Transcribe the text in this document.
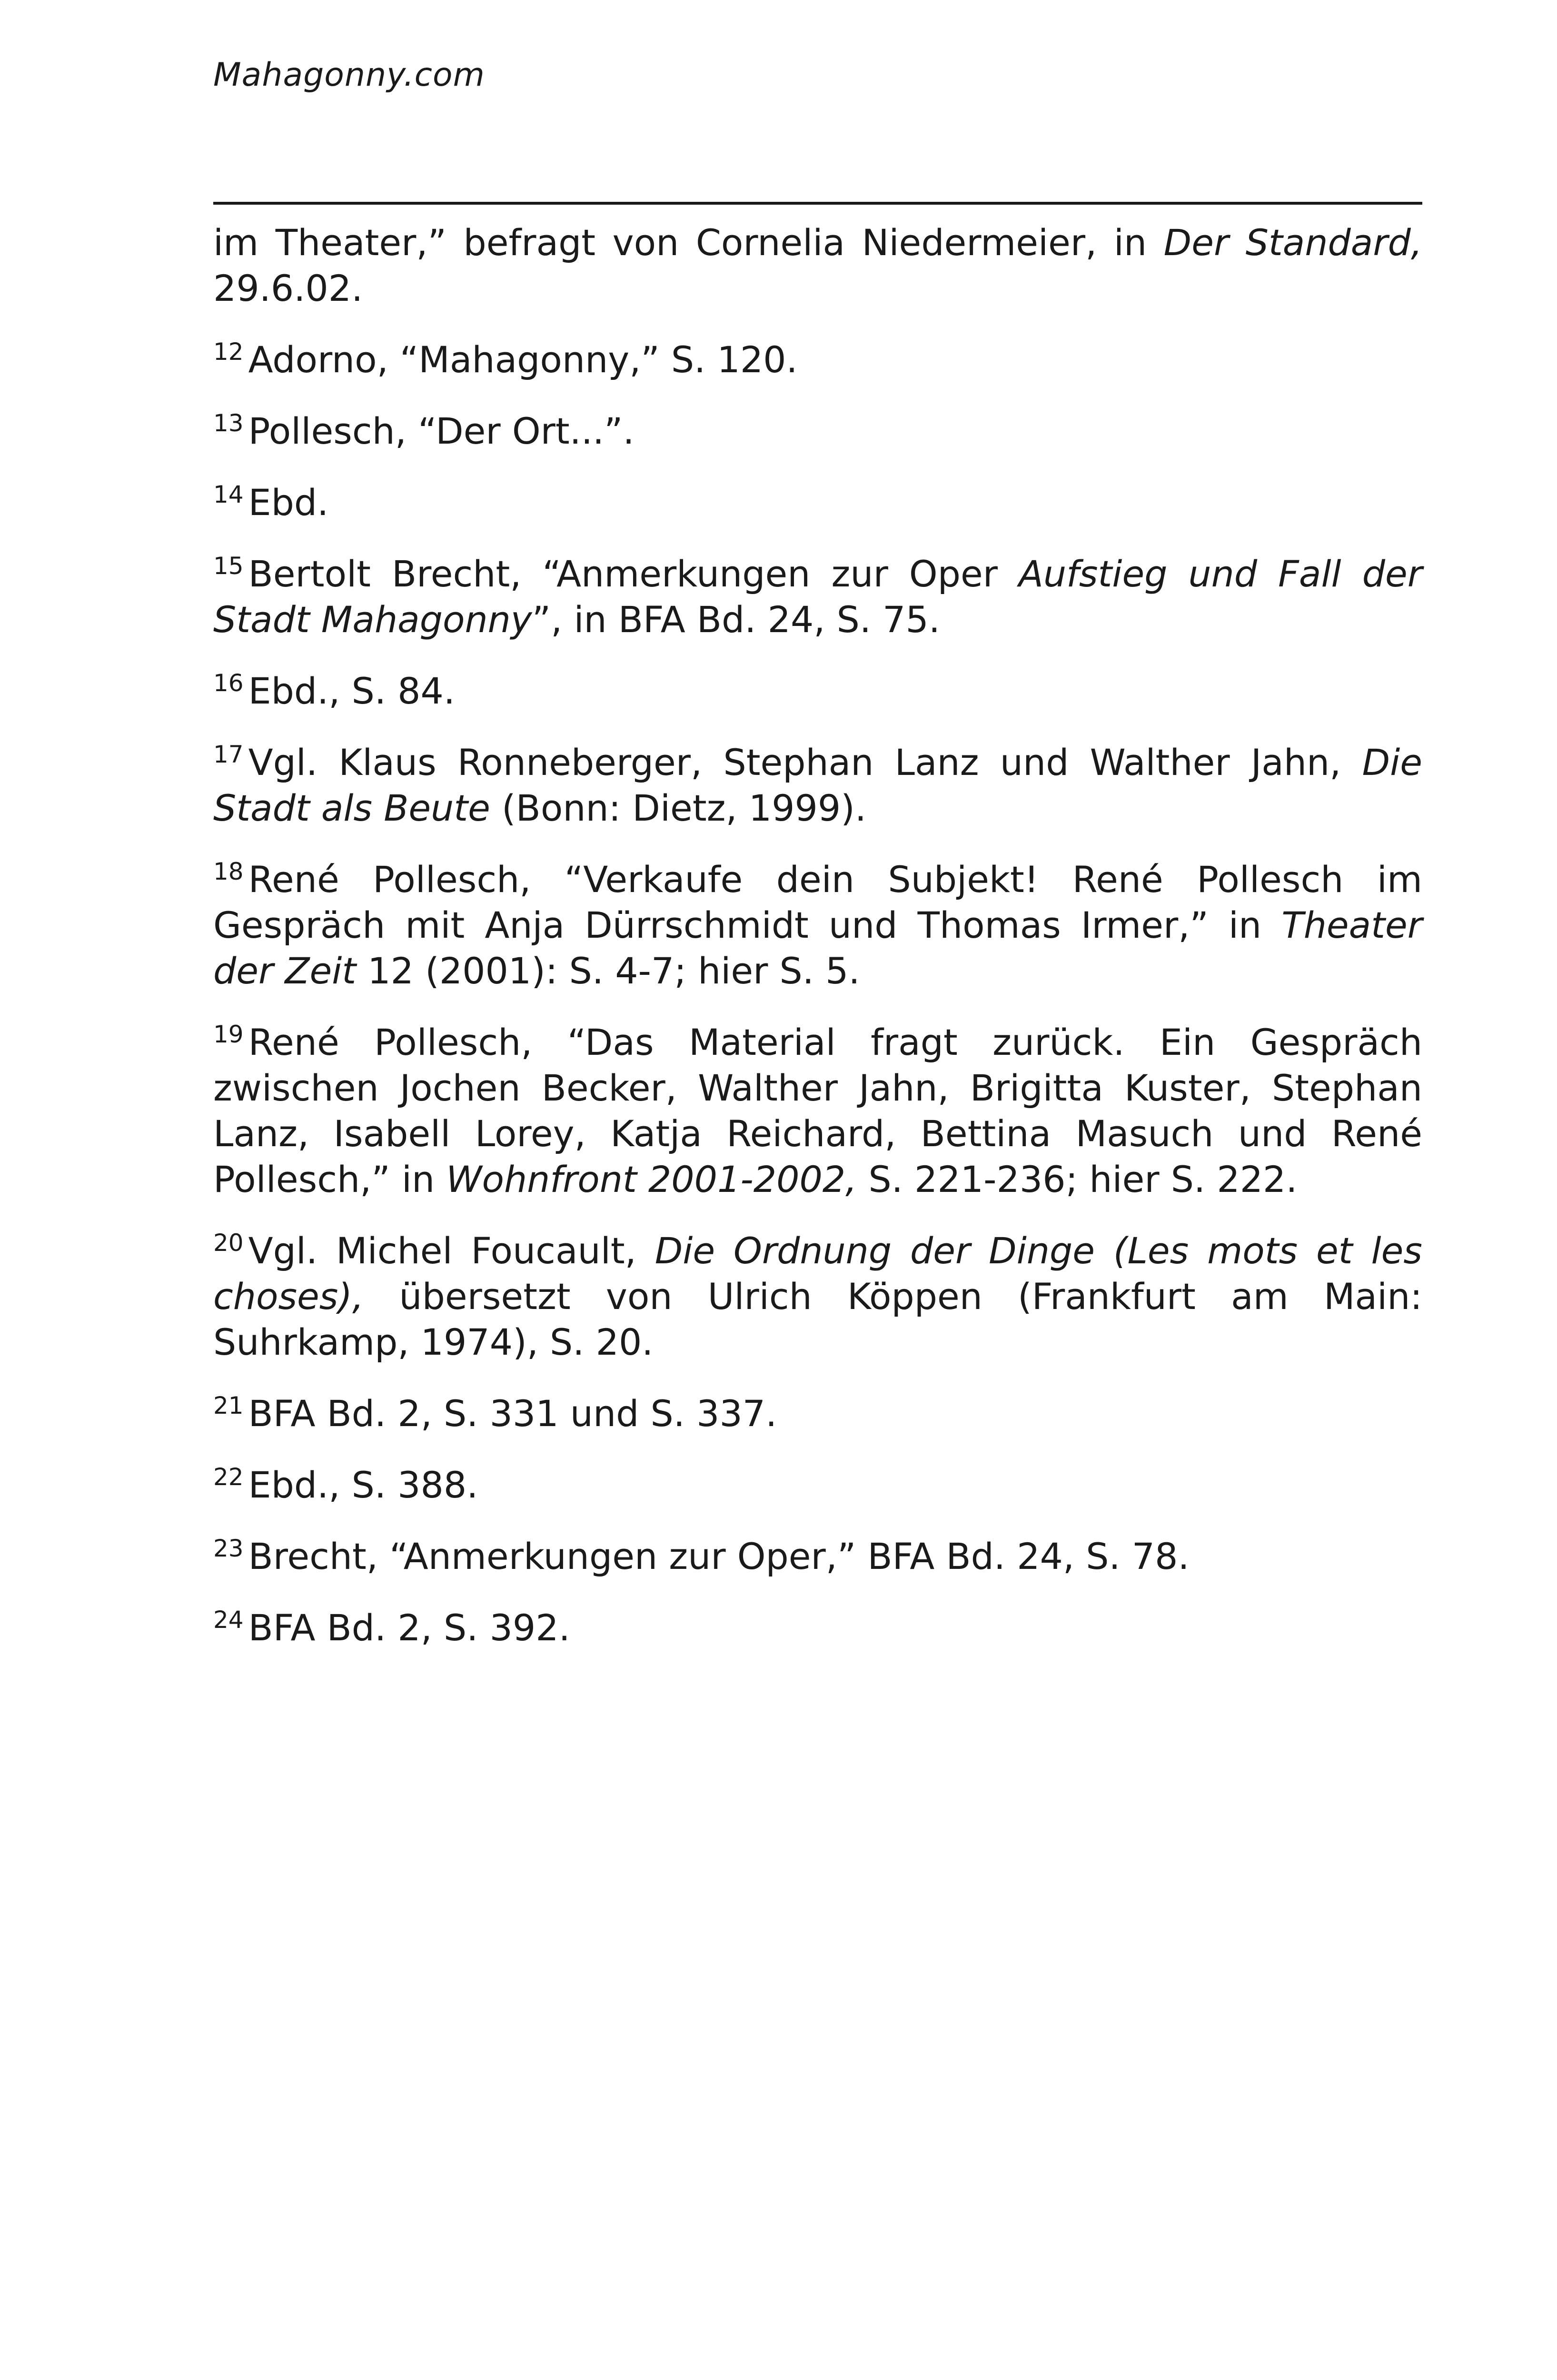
Mahagonny.com

im Theater,” befragt von Cornelia Niedermeier, in Der Standard, 29.6.02.

$^{12}$ Adorno, “Mahagonny,” S. 120.

$^{13}$ Pollesch, “Der Ort...”.

$^{14}$ Ebd.

$^{15}$ Bertolt Brecht, “Anmerkungen zur Oper Aufstieg und Fall der Stadt Mahagonny”, in BFA Bd. 24, S. 75.

$^{16}$ Ebd., S. 84.

$^{17}$ Vgl. Klaus Ronneberger, Stephan Lanz und Walther Jahn, Die Stadt als Beute (Bonn: Dietz, 1999).

$^{18}$ René Pollesch, “Verkaufe dein Subjekt! René Pollesch im Gespräch mit Anja Dürrschmidt und Thomas Irmer,” in Theater der Zeit 12 (2001): S. 4-7; hier S. 5.

$^{19}$ René Pollesch, “Das Material fragt zurück. Ein Gespräch zwischen Jochen Becker, Walther Jahn, Brigitta Kuster, Stephan Lanz, Isabell Lorey, Katja Reichard, Bettina Masuch und René Pollesch,” in Wohnfront 2001-2002, S. 221-236; hier S. 222.

$^{20}$ Vgl. Michel Foucault, Die Ordnung der Dinge (Les mots et les choses), übersetzt von Ulrich Köppen (Frankfurt am Main: Suhrkamp, 1974), S. 20.

$^{21}$ BFA Bd. 2, S. 331 und S. 337.

$^{22}$ Ebd., S. 388.

$^{23}$ Brecht, “Anmerkungen zur Oper,” BFA Bd. 24, S. 78.

$^{24}$ BFA Bd. 2, S. 392.
